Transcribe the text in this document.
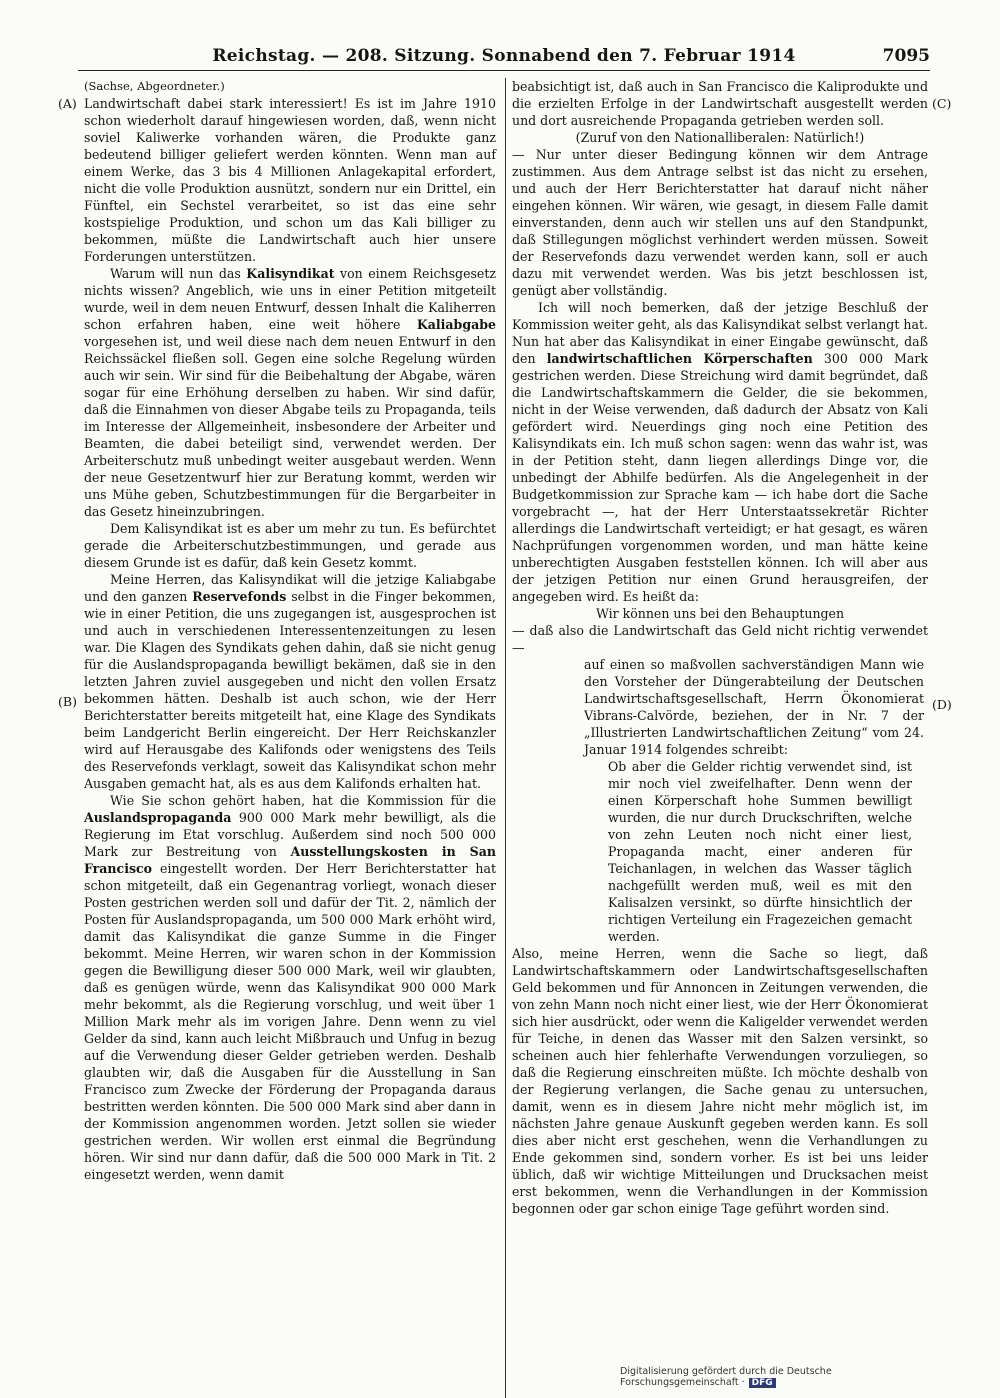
Reichstag. — 208. Sitzung. Sonnabend den 7. Februar 1914	7095
(A)
(B)
(C)
(D)

(Sachse, Abgeordneter.)

Landwirtschaft dabei stark interessiert! Es ist im Jahre 1910 schon wiederholt darauf hingewiesen worden, daß, wenn nicht soviel Kaliwerke vorhanden wären, die Produkte ganz bedeutend billiger geliefert werden könnten. Wenn man auf einem Werke, das 3 bis 4 Millionen Anlagekapital erfordert, nicht die volle Produktion ausnützt, sondern nur ein Drittel, ein Fünftel, ein Sechstel verarbeitet, so ist das eine sehr kostspielige Produktion, und schon um das Kali billiger zu bekommen, müßte die Landwirtschaft auch hier unsere Forderungen unterstützen.

Warum will nun das Kalisyndikat von einem Reichsgesetz nichts wissen? Angeblich, wie uns in einer Petition mitgeteilt wurde, weil in dem neuen Entwurf, dessen Inhalt die Kaliherren schon erfahren haben, eine weit höhere Kaliabgabe vorgesehen ist, und weil diese nach dem neuen Entwurf in den Reichssäckel fließen soll. Gegen eine solche Regelung würden auch wir sein. Wir sind für die Beibehaltung der Abgabe, wären sogar für eine Erhöhung derselben zu haben. Wir sind dafür, daß die Einnahmen von dieser Abgabe teils zu Propaganda, teils im Interesse der Allgemeinheit, insbesondere der Arbeiter und Beamten, die dabei beteiligt sind, verwendet werden. Der Arbeiterschutz muß unbedingt weiter ausgebaut werden. Wenn der neue Gesetzentwurf hier zur Beratung kommt, werden wir uns Mühe geben, Schutzbestimmungen für die Bergarbeiter in das Gesetz hineinzubringen.

Dem Kalisyndikat ist es aber um mehr zu tun. Es befürchtet gerade die Arbeiterschutzbestimmungen, und gerade aus diesem Grunde ist es dafür, daß kein Gesetz kommt.

Meine Herren, das Kalisyndikat will die jetzige Kaliabgabe und den ganzen Reservefonds selbst in die Finger bekommen, wie in einer Petition, die uns zugegangen ist, ausgesprochen ist und auch in verschiedenen Interessentenzeitungen zu lesen war. Die Klagen des Syndikats gehen dahin, daß sie nicht genug für die Auslandspropaganda bewilligt bekämen, daß sie in den letzten Jahren zuviel ausgegeben und nicht den vollen Ersatz bekommen hätten. Deshalb ist auch schon, wie der Herr Berichterstatter bereits mitgeteilt hat, eine Klage des Syndikats beim Landgericht Berlin eingereicht. Der Herr Reichskanzler wird auf Herausgabe des Kalifonds oder wenigstens des Teils des Reservefonds verklagt, soweit das Kalisyndikat schon mehr Ausgaben gemacht hat, als es aus dem Kalifonds erhalten hat.

Wie Sie schon gehört haben, hat die Kommission für die Auslandspropaganda 900 000 Mark mehr bewilligt, als die Regierung im Etat vorschlug. Außerdem sind noch 500 000 Mark zur Bestreitung von Ausstellungskosten in San Francisco eingestellt worden. Der Herr Berichterstatter hat schon mitgeteilt, daß ein Gegenantrag vorliegt, wonach dieser Posten gestrichen werden soll und dafür der Tit. 2, nämlich der Posten für Auslandspropaganda, um 500 000 Mark erhöht wird, damit das Kalisyndikat die ganze Summe in die Finger bekommt. Meine Herren, wir waren schon in der Kommission gegen die Bewilligung dieser 500 000 Mark, weil wir glaubten, daß es genügen würde, wenn das Kalisyndikat 900 000 Mark mehr bekommt, als die Regierung vorschlug, und weit über 1 Million Mark mehr als im vorigen Jahre. Denn wenn zu viel Gelder da sind, kann auch leicht Mißbrauch und Unfug in bezug auf die Verwendung dieser Gelder getrieben werden. Deshalb glaubten wir, daß die Ausgaben für die Ausstellung in San Francisco zum Zwecke der Förderung der Propaganda daraus bestritten werden könnten. Die 500 000 Mark sind aber dann in der Kommission angenommen worden. Jetzt sollen sie wieder gestrichen werden. Wir wollen erst einmal die Begründung hören. Wir sind nur dann dafür, daß die 500 000 Mark in Tit. 2 eingesetzt werden, wenn damit

beabsichtigt ist, daß auch in San Francisco die Kaliprodukte und die erzielten Erfolge in der Landwirtschaft ausgestellt werden und dort ausreichende Propaganda getrieben werden soll.

(Zuruf von den Nationalliberalen: Natürlich!)

— Nur unter dieser Bedingung können wir dem Antrage zustimmen. Aus dem Antrage selbst ist das nicht zu ersehen, und auch der Herr Berichterstatter hat darauf nicht näher eingehen können. Wir wären, wie gesagt, in diesem Falle damit einverstanden, denn auch wir stellen uns auf den Standpunkt, daß Stillegungen möglichst verhindert werden müssen. Soweit der Reservefonds dazu verwendet werden kann, soll er auch dazu mit verwendet werden. Was bis jetzt beschlossen ist, genügt aber vollständig.

Ich will noch bemerken, daß der jetzige Beschluß der Kommission weiter geht, als das Kalisyndikat selbst verlangt hat. Nun hat aber das Kalisyndikat in einer Eingabe gewünscht, daß den landwirtschaftlichen Körperschaften 300 000 Mark gestrichen werden. Diese Streichung wird damit begründet, daß die Landwirtschaftskammern die Gelder, die sie bekommen, nicht in der Weise verwenden, daß dadurch der Absatz von Kali gefördert wird. Neuerdings ging noch eine Petition des Kalisyndikats ein. Ich muß schon sagen: wenn das wahr ist, was in der Petition steht, dann liegen allerdings Dinge vor, die unbedingt der Abhilfe bedürfen. Als die Angelegenheit in der Budgetkommission zur Sprache kam — ich habe dort die Sache vorgebracht —, hat der Herr Unterstaatssekretär Richter allerdings die Landwirtschaft verteidigt; er hat gesagt, es wären Nachprüfungen vorgenommen worden, und man hätte keine unberechtigten Ausgaben feststellen können. Ich will aber aus der jetzigen Petition nur einen Grund herausgreifen, der angegeben wird. Es heißt da:

Wir können uns bei den Behauptungen

— daß also die Landwirtschaft das Geld nicht richtig verwendet —

auf einen so maßvollen sachverständigen Mann wie den Vorsteher der Düngerabteilung der Deutschen Landwirtschaftsgesellschaft, Herrn Ökonomierat Vibrans-Calvörde, beziehen, der in Nr. 7 der „Illustrierten Landwirtschaftlichen Zeitung“ vom 24. Januar 1914 folgendes schreibt:

Ob aber die Gelder richtig verwendet sind, ist mir noch viel zweifelhafter. Denn wenn der einen Körperschaft hohe Summen bewilligt wurden, die nur durch Druckschriften, welche von zehn Leuten noch nicht einer liest, Propaganda macht, einer anderen für Teichanlagen, in welchen das Wasser täglich nachgefüllt werden muß, weil es mit den Kalisalzen versinkt, so dürfte hinsichtlich der richtigen Verteilung ein Fragezeichen gemacht werden.

Also, meine Herren, wenn die Sache so liegt, daß Landwirtschaftskammern oder Landwirtschaftsgesellschaften Geld bekommen und für Annoncen in Zeitungen verwenden, die von zehn Mann noch nicht einer liest, wie der Herr Ökonomierat sich hier ausdrückt, oder wenn die Kaligelder verwendet werden für Teiche, in denen das Wasser mit den Salzen versinkt, so scheinen auch hier fehlerhafte Verwendungen vorzuliegen, so daß die Regierung einschreiten müßte. Ich möchte deshalb von der Regierung verlangen, die Sache genau zu untersuchen, damit, wenn es in diesem Jahre nicht mehr möglich ist, im nächsten Jahre genaue Auskunft gegeben werden kann. Es soll dies aber nicht erst geschehen, wenn die Verhandlungen zu Ende gekommen sind, sondern vorher. Es ist bei uns leider üblich, daß wir wichtige Mitteilungen und Drucksachen meist erst bekommen, wenn die Verhandlungen in der Kommission begonnen oder gar schon einige Tage geführt worden sind.

Digitalisierung gefördert durch die Deutsche Forschungsgemeinschaft · DFG
